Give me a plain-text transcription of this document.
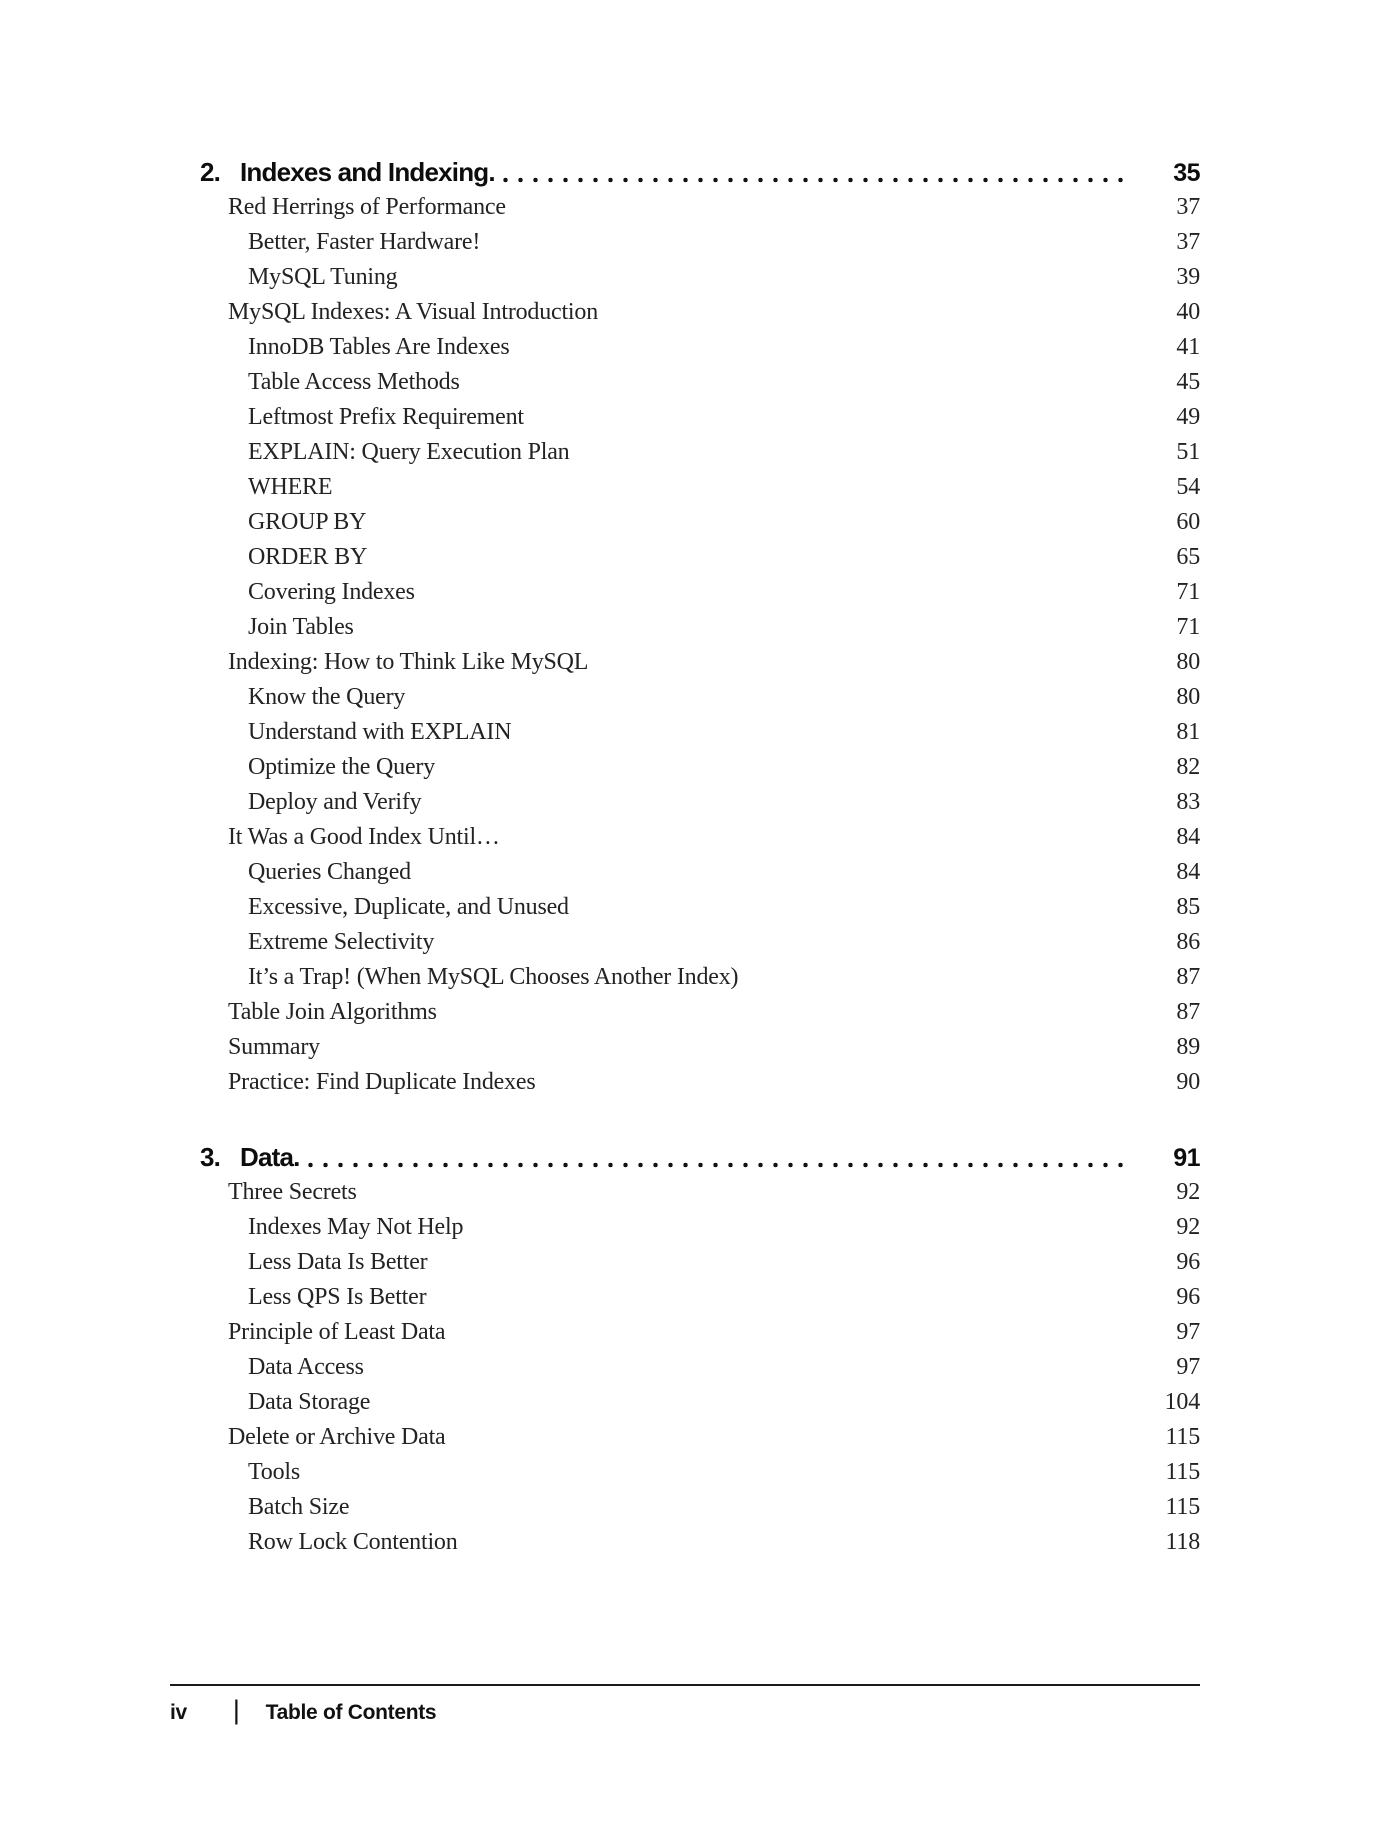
2. Indexes and Indexing.	35
Red Herrings of Performance	37
Better, Faster Hardware!	37
MySQL Tuning	39
MySQL Indexes: A Visual Introduction	40
InnoDB Tables Are Indexes	41
Table Access Methods	45
Leftmost Prefix Requirement	49
EXPLAIN: Query Execution Plan	51
WHERE	54
GROUP BY	60
ORDER BY	65
Covering Indexes	71
Join Tables	71
Indexing: How to Think Like MySQL	80
Know the Query	80
Understand with EXPLAIN	81
Optimize the Query	82
Deploy and Verify	83
It Was a Good Index Until…	84
Queries Changed	84
Excessive, Duplicate, and Unused	85
Extreme Selectivity	86
It’s a Trap! (When MySQL Chooses Another Index)	87
Table Join Algorithms	87
Summary	89
Practice: Find Duplicate Indexes	90
3. Data.	91
Three Secrets	92
Indexes May Not Help	92
Less Data Is Better	96
Less QPS Is Better	96
Principle of Least Data	97
Data Access	97
Data Storage	104
Delete or Archive Data	115
Tools	115
Batch Size	115
Row Lock Contention	118
iv | Table of Contents
